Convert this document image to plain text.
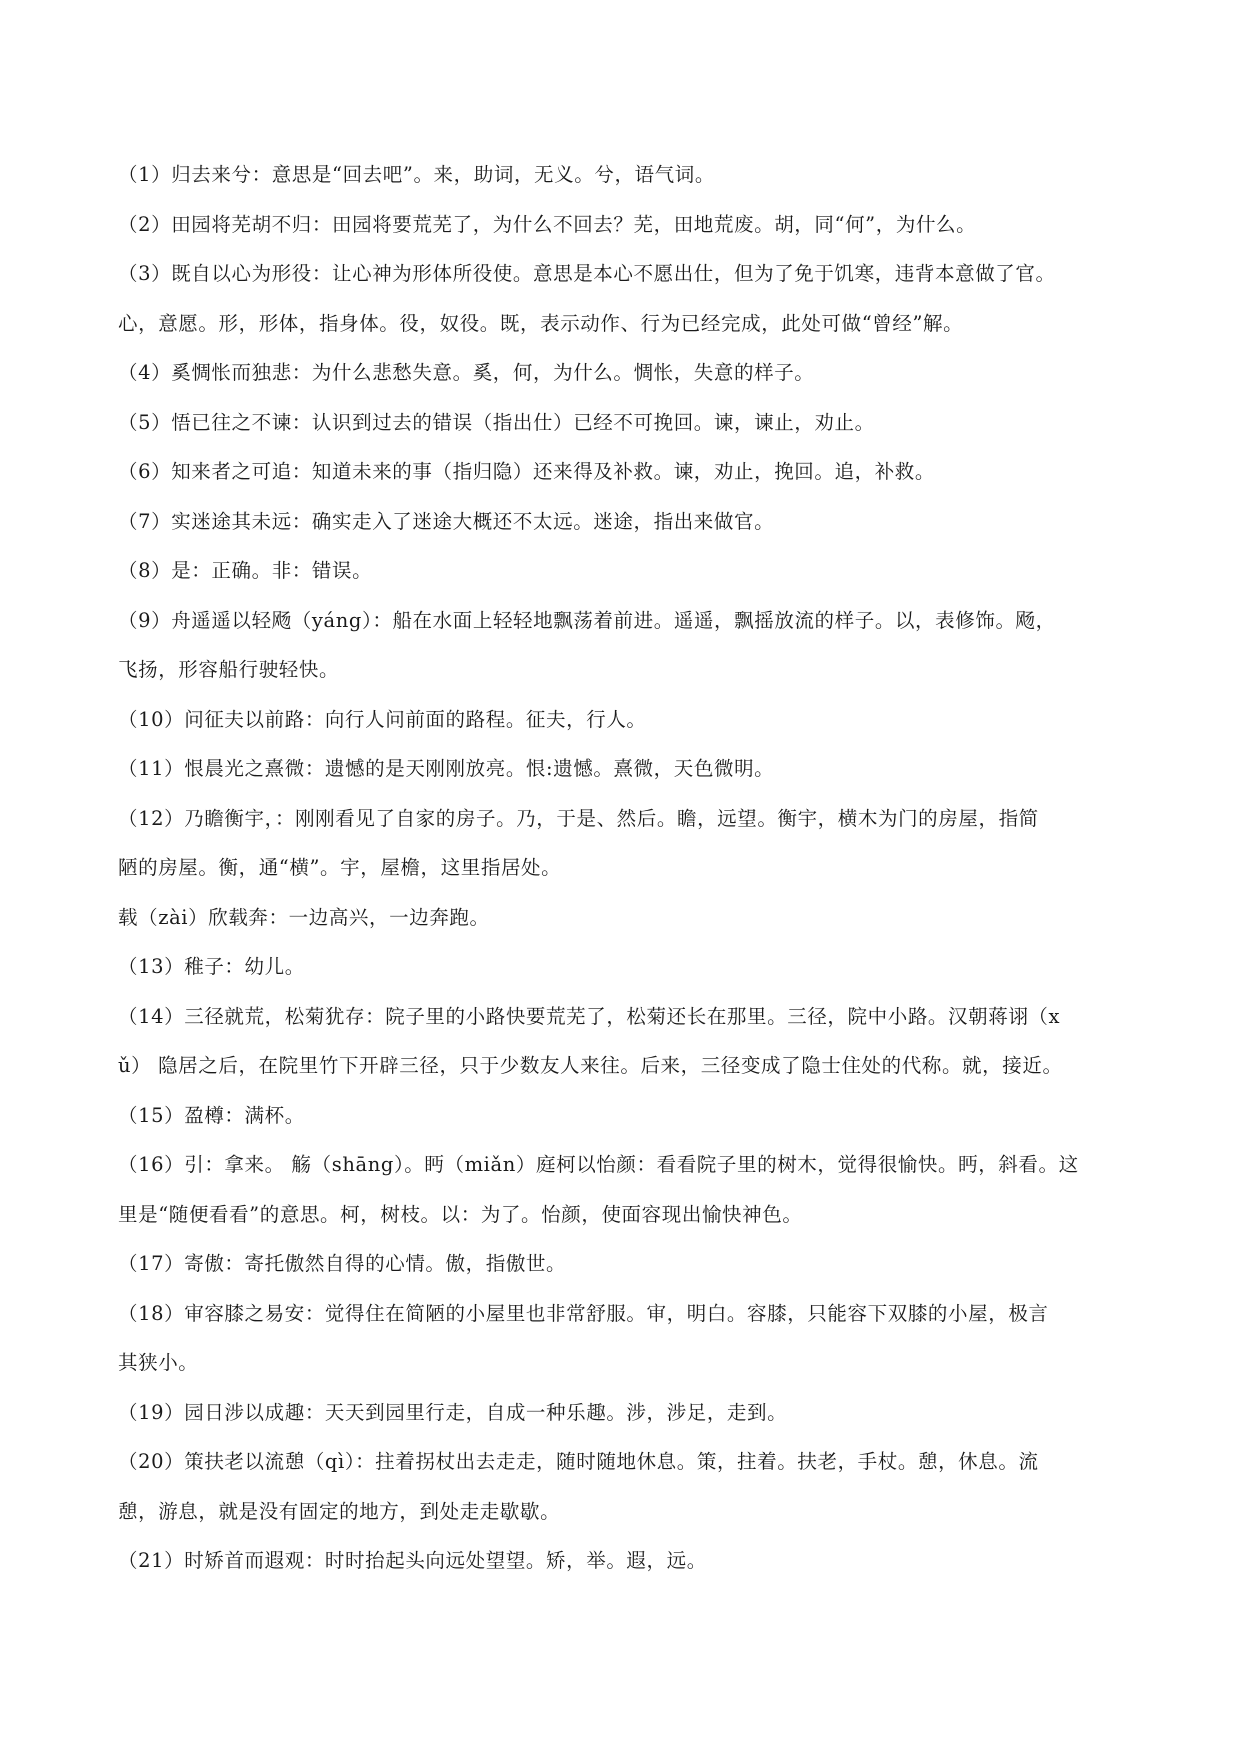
（1）归去来兮：意思是“回去吧”。来，助词，无义。兮，语气词。
（2）田园将芜胡不归：田园将要荒芜了，为什么不回去？芜，田地荒废。胡，同“何”，为什么。
（3）既自以心为形役：让心神为形体所役使。意思是本心不愿出仕，但为了免于饥寒，违背本意做了官。
心，意愿。形，形体，指身体。役，奴役。既，表示动作、行为已经完成，此处可做“曾经”解。
（4）奚惆怅而独悲：为什么悲愁失意。奚，何，为什么。惆怅，失意的样子。
（5）悟已往之不谏：认识到过去的错误（指出仕）已经不可挽回。谏，谏止，劝止。
（6）知来者之可追：知道未来的事（指归隐）还来得及补救。谏，劝止，挽回。追，补救。
（7）实迷途其未远：确实走入了迷途大概还不太远。迷途，指出来做官。
（8）是：正确。非：错误。
（9）舟遥遥以轻飏（yáng）：船在水面上轻轻地飘荡着前进。遥遥，飘摇放流的样子。以，表修饰。飏，
飞扬，形容船行驶轻快。
（10）问征夫以前路：向行人问前面的路程。征夫，行人。
（11）恨晨光之熹微：遗憾的是天刚刚放亮。恨:遗憾。熹微，天色微明。
（12）乃瞻衡宇，：刚刚看见了自家的房子。乃，于是、然后。瞻，远望。衡宇，横木为门的房屋，指简
陋的房屋。衡，通“横”。宇，屋檐，这里指居处。
载（zài）欣载奔：一边高兴，一边奔跑。
（13）稚子：幼儿。
（14）三径就荒，松菊犹存：院子里的小路快要荒芜了，松菊还长在那里。三径，院中小路。汉朝蒋诩（x
ǔ） 隐居之后，在院里竹下开辟三径，只于少数友人来往。后来，三径变成了隐士住处的代称。就，接近。
（15）盈樽：满杯。
（16）引：拿来。 觞（shāng）。眄（miǎn）庭柯以怡颜：看看院子里的树木，觉得很愉快。眄，斜看。这
里是“随便看看”的意思。柯，树枝。以：为了。怡颜，使面容现出愉快神色。
（17）寄傲：寄托傲然自得的心情。傲，指傲世。
（18）审容膝之易安：觉得住在简陋的小屋里也非常舒服。审，明白。容膝，只能容下双膝的小屋，极言
其狭小。
（19）园日涉以成趣：天天到园里行走，自成一种乐趣。涉，涉足，走到。
（20）策扶老以流憩（qì）：拄着拐杖出去走走，随时随地休息。策，拄着。扶老，手杖。憩，休息。流
憩，游息，就是没有固定的地方，到处走走歇歇。
（21）时矫首而遐观：时时抬起头向远处望望。矫，举。遐，远。
